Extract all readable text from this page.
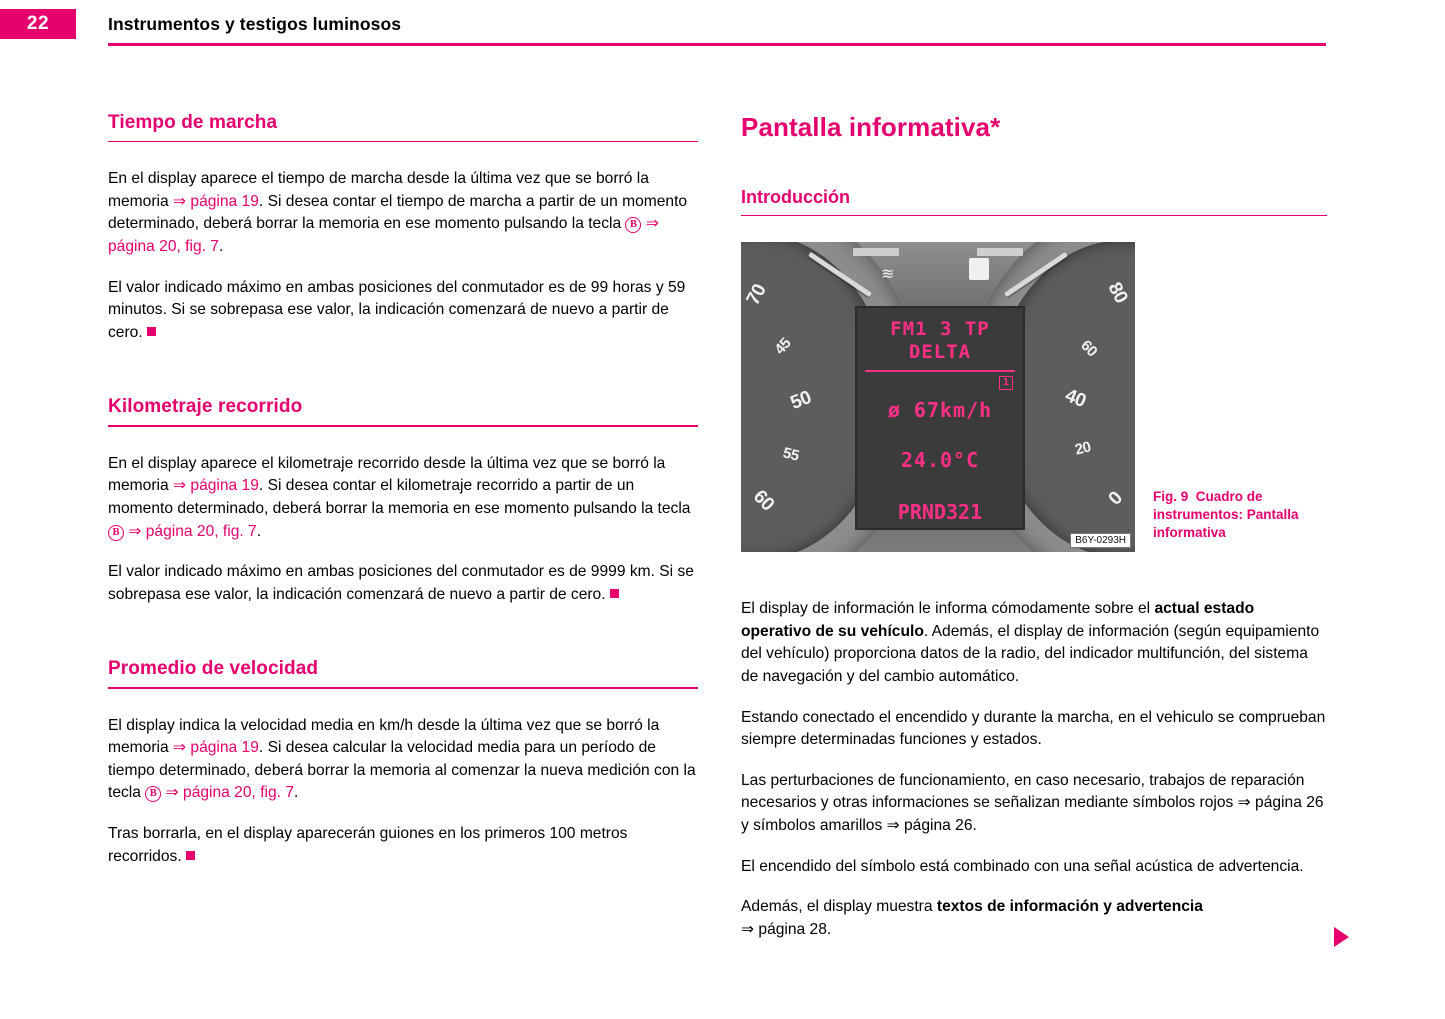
22	Instrumentos y testigos luminosos
Tiempo de marcha

En el display aparece el tiempo de marcha desde la última vez que se borró la memoria ⇒ página 19. Si desea contar el tiempo de marcha a partir de un momento determinado, deberá borrar la memoria en ese momento pulsando la tecla B ⇒ página 20, fig. 7.

El valor indicado máximo en ambas posiciones del conmutador es de 99 horas y 59 minutos. Si se sobrepasa ese valor, la indicación comenzará de nuevo a partir de cero.

Kilometraje recorrido

En el display aparece el kilometraje recorrido desde la última vez que se borró la memoria ⇒ página 19. Si desea contar el kilometraje recorrido a partir de un momento determinado, deberá borrar la memoria en ese momento pulsando la tecla B ⇒ página 20, fig. 7.

El valor indicado máximo en ambas posiciones del conmutador es de 9999 km. Si se sobrepasa ese valor, la indicación comenzará de nuevo a partir de cero.

Promedio de velocidad

El display indica la velocidad media en km/h desde la última vez que se borró la memoria ⇒ página 19. Si desea calcular la velocidad media para un período de tiempo determinado, deberá borrar la memoria al comenzar la nueva medición con la tecla B ⇒ página 20, fig. 7.

Tras borrarla, en el display aparecerán guiones en los primeros 100 metros recorridos.

Pantalla informativa*
Introducción
70
45
50
55
60
80
60
40
20
0
≋
FM1 3 TP
DELTA
1
ø 67km/h
24.0°C
PRND321
B6Y-0293H
Fig. 9 Cuadro de instrumentos: Pantalla informativa

El display de información le informa cómodamente sobre el actual estado operativo de su vehículo. Además, el display de información (según equipamiento del vehículo) proporciona datos de la radio, del indicador multifunción, del sistema de navegación y del cambio automático.

Estando conectado el encendido y durante la marcha, en el vehiculo se comprueban siempre determinadas funciones y estados.

Las perturbaciones de funcionamiento, en caso necesario, trabajos de reparación necesarios y otras informaciones se señalizan mediante símbolos rojos ⇒ página 26 y símbolos amarillos ⇒ página 26.

El encendido del símbolo está combinado con una señal acústica de advertencia.

Además, el display muestra textos de información y advertencia
⇒ página 28.
